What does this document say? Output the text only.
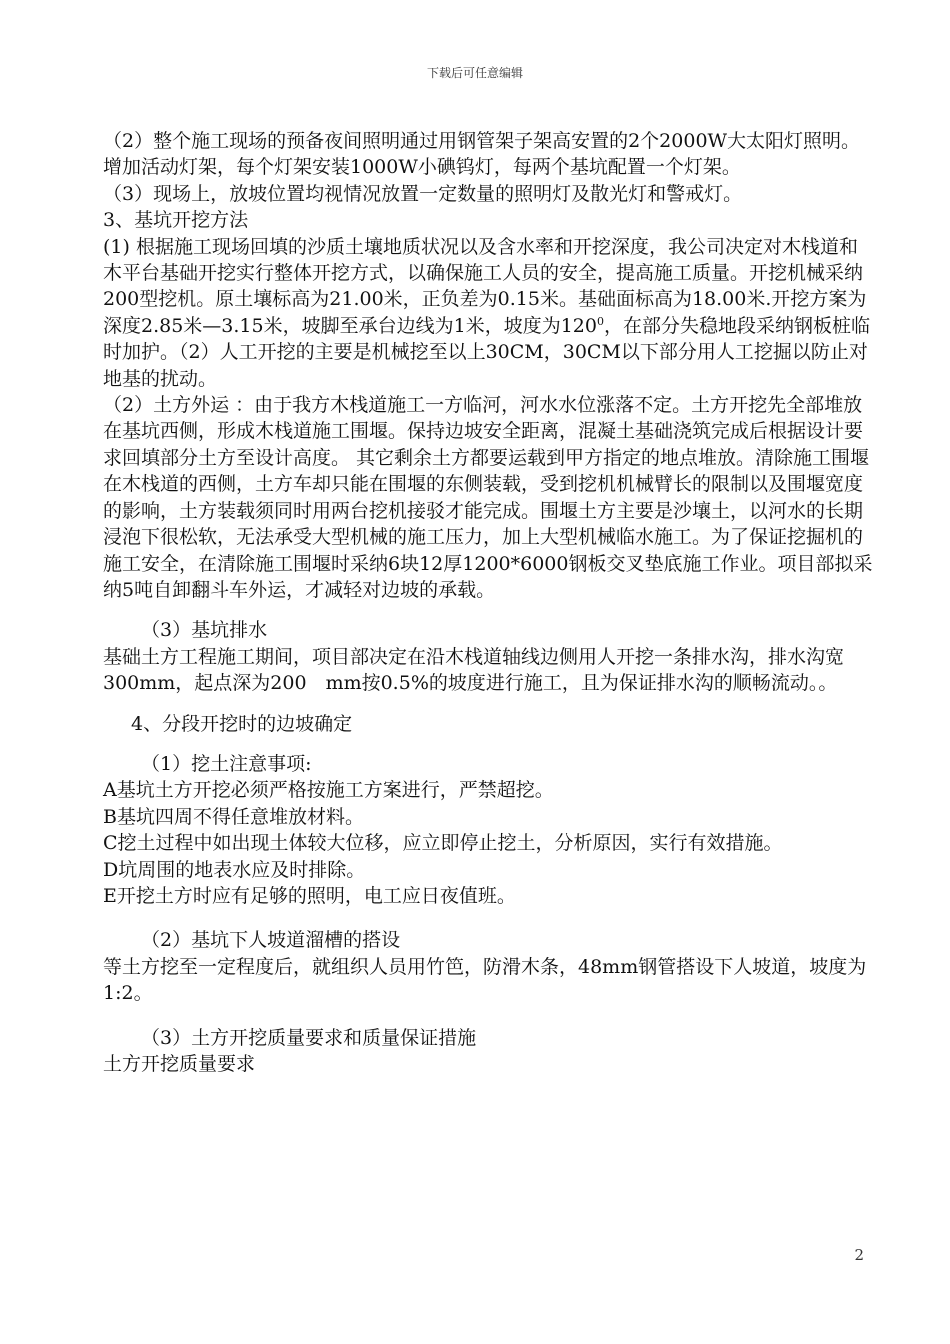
下载后可任意编辑

（2）整个施工现场的预备夜间照明通过用钢管架子架高安置的2个2000W大太阳灯照明。增加活动灯架，每个灯架安装1000W小碘钨灯，每两个基坑配置一个灯架。

（3）现场上，放坡位置均视情况放置一定数量的照明灯及散光灯和警戒灯。

3、基坑开挖方法

(1) 根据施工现场回填的沙质土壤地质状况以及含水率和开挖深度，我公司决定对木栈道和木平台基础开挖实行整体开挖方式，以确保施工人员的安全，提高施工质量。开挖机械采纳200型挖机。原土壤标高为21.00米，正负差为0.15米。基础面标高为18.00米.开挖方案为深度2.85米—3.15米，坡脚至承台边线为1米，坡度为$120^0$，在部分失稳地段采纳钢板桩临时加护。（2）人工开挖的主要是机械挖至以上30CM，30CM以下部分用人工挖掘以防止对地基的扰动。

（2）土方外运 ：由于我方木栈道施工一方临河，河水水位涨落不定。土方开挖先全部堆放在基坑西侧，形成木栈道施工围堰。保持边坡安全距离，混凝土基础浇筑完成后根据设计要求回填部分土方至设计高度。 其它剩余土方都要运载到甲方指定的地点堆放。清除施工围堰在木栈道的西侧，土方车却只能在围堰的东侧装载，受到挖机机械臂长的限制以及围堰宽度的影响，土方装载须同时用两台挖机接驳才能完成。围堰土方主要是沙壤土，以河水的长期浸泡下很松软，无法承受大型机械的施工压力，加上大型机械临水施工。为了保证挖掘机的施工安全，在清除施工围堰时采纳6块12厚1200*6000钢板交叉垫底施工作业。项目部拟采纳5吨自卸翻斗车外运，才减轻对边坡的承载。

（3）基坑排水

基础土方工程施工期间，项目部决定在沿木栈道轴线边侧用人开挖一条排水沟，排水沟宽300mm，起点深为200　mm按0.5%的坡度进行施工，且为保证排水沟的顺畅流动。。

4、分段开挖时的边坡确定

（1）挖土注意事项:

A基坑土方开挖必须严格按施工方案进行，严禁超挖。

B基坑四周不得任意堆放材料。

C挖土过程中如出现土体较大位移，应立即停止挖土，分析原因，实行有效措施。

D坑周围的地表水应及时排除。

E开挖土方时应有足够的照明，电工应日夜值班。

（2）基坑下人坡道溜槽的搭设

等土方挖至一定程度后，就组织人员用竹笆，防滑木条，48mm钢管搭设下人坡道，坡度为1:2。

（3）土方开挖质量要求和质量保证措施

土方开挖质量要求

2
